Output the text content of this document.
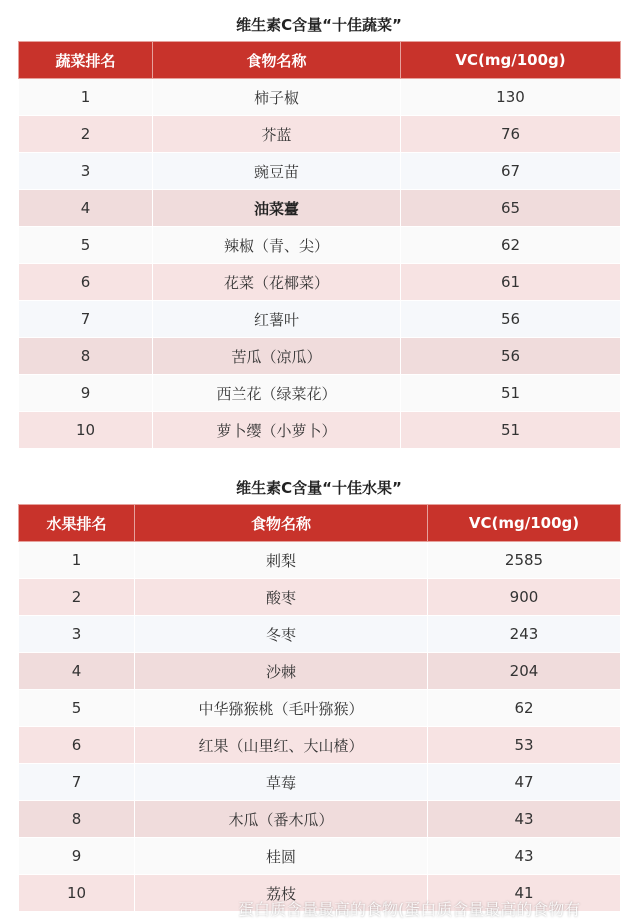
维生素C含量“十佳蔬菜”
蔬菜排名	食物名称	VC(mg/100g)
1	柿子椒	130
2	芥蓝	76
3	豌豆苗	67
4	油菜薹	65
5	辣椒（青、尖）	62
6	花菜（花椰菜）	61
7	红薯叶	56
8	苦瓜（凉瓜）	56
9	西兰花（绿菜花）	51
10	萝卜缨（小萝卜）	51
维生素C含量“十佳水果”
水果排名	食物名称	VC(mg/100g)
1	刺梨	2585
2	酸枣	900
3	冬枣	243
4	沙棘	204
5	中华猕猴桃（毛叶猕猴）	62
6	红果（山里红、大山楂）	53
7	草莓	47
8	木瓜（番木瓜）	43
9	桂圆	43
10	荔枝	41
蛋白质含量最高的食物(蛋白质含量最高的食物有
